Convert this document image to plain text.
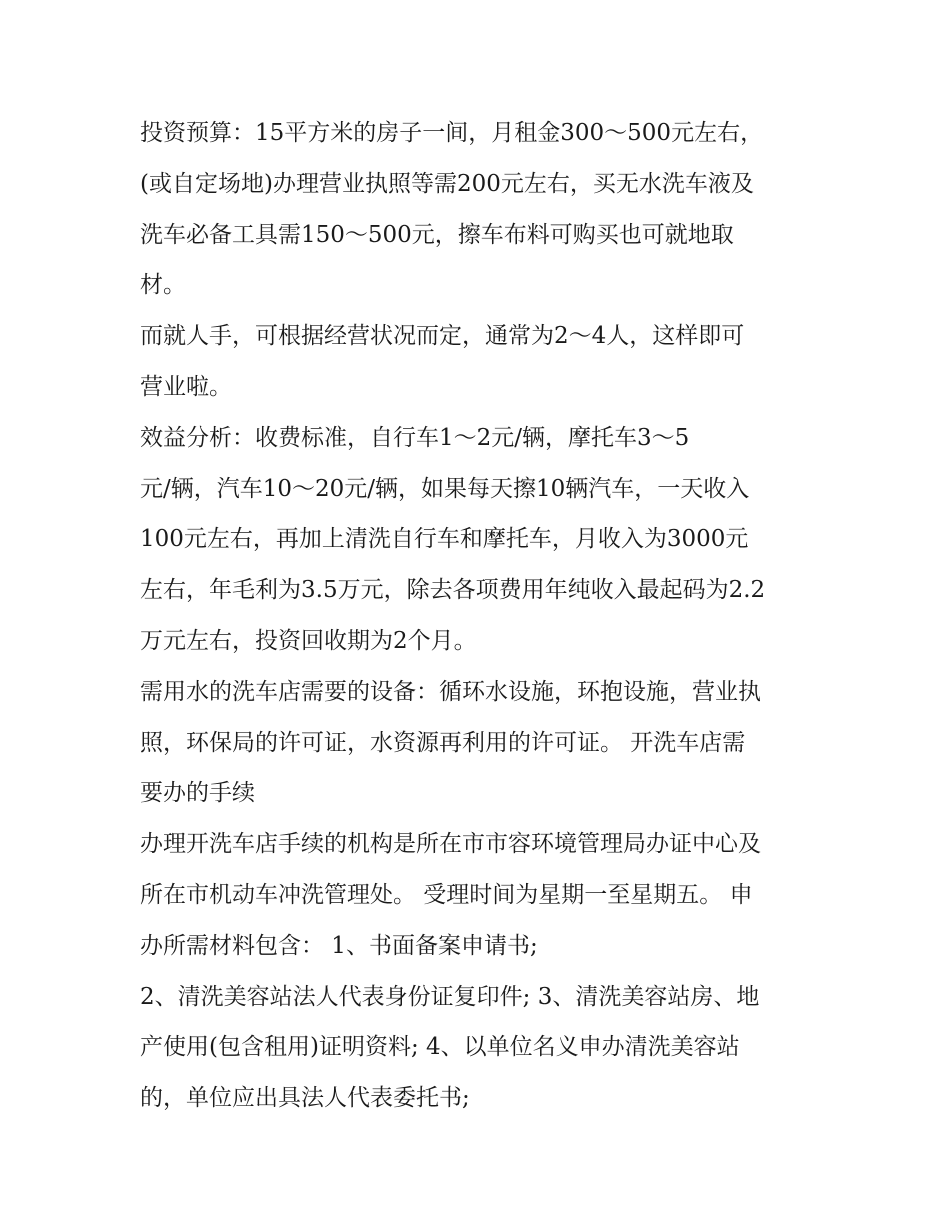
投资预算：15平方米的房子一间，月租金300～500元左右，
(或自定场地)办理营业执照等需200元左右，买无水洗车液及
洗车必备工具需150～500元，擦车布料可购买也可就地取
材。
而就人手，可根据经营状况而定，通常为2～4人，这样即可
营业啦。
效益分析：收费标准，自行车1～2元/辆，摩托车3～5
元/辆，汽车10～20元/辆，如果每天擦10辆汽车，一天收入
100元左右，再加上清洗自行车和摩托车，月收入为3000元
左右，年毛利为3.5万元，除去各项费用年纯收入最起码为2.2
万元左右，投资回收期为2个月。
需用水的洗车店需要的设备：循环水设施，环抱设施，营业执
照，环保局的许可证，水资源再利用的许可证。 开洗车店需
要办的手续
办理开洗车店手续的机构是所在市市容环境管理局办证中心及
所在市机动车冲洗管理处。 受理时间为星期一至星期五。 申
办所需材料包含： 1、书面备案申请书;
2、清洗美容站法人代表身份证复印件; 3、清洗美容站房、地
产使用(包含租用)证明资料; 4、以单位名义申办清洗美容站
的，单位应出具法人代表委托书;
